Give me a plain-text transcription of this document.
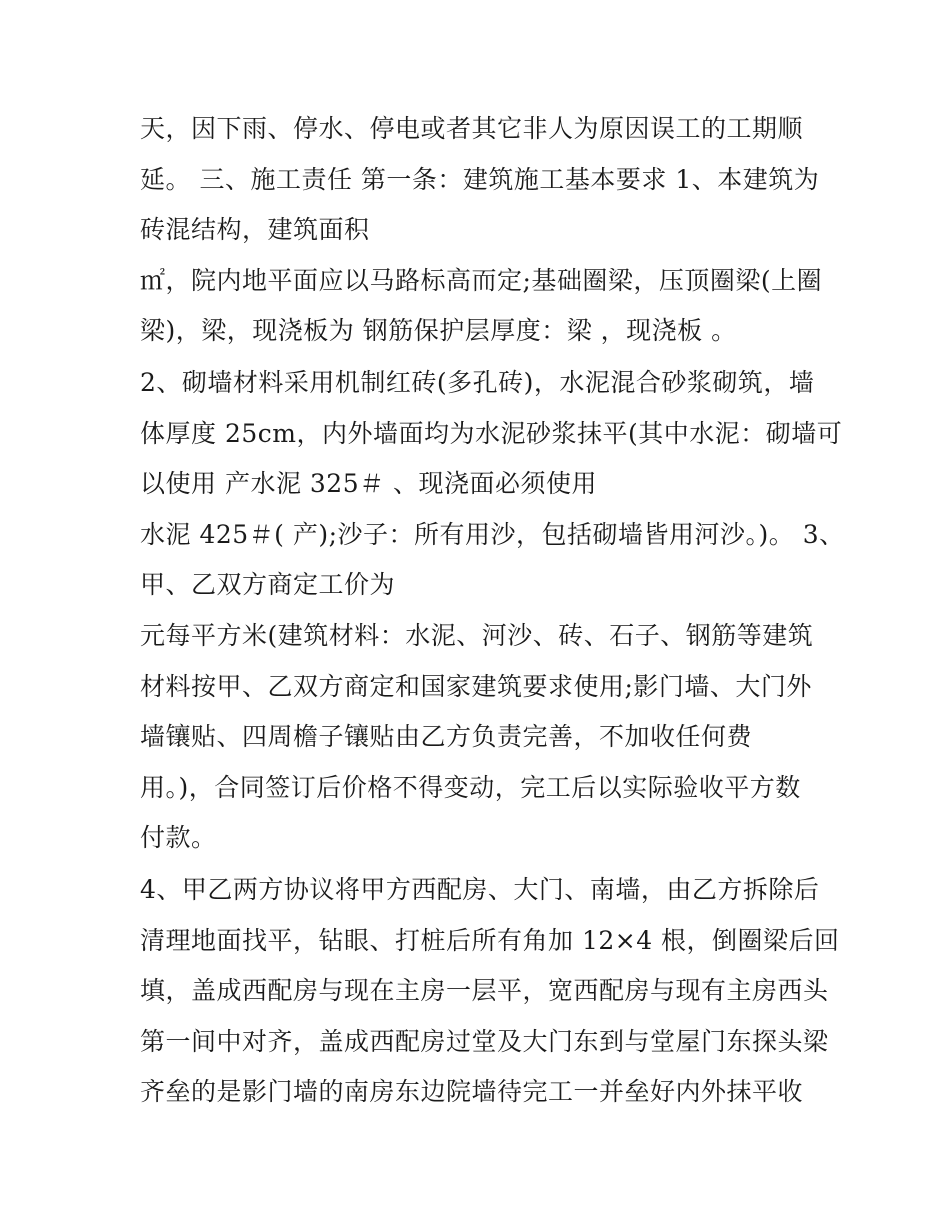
天，因下雨、停水、停电或者其它非人为原因误工的工期顺
延。 三、施工责任 第一条：建筑施工基本要求 1、本建筑为
砖混结构，建筑面积
㎡，院内地平面应以马路标高而定;基础圈梁，压顶圈梁(上圈
梁)，梁，现浇板为 钢筋保护层厚度：梁 ，现浇板 。
2、砌墙材料采用机制红砖(多孔砖)，水泥混合砂浆砌筑，墙
体厚度 25cm，内外墙面均为水泥砂浆抹平(其中水泥：砌墙可
以使用 产水泥 325＃ 、现浇面必须使用
水泥 425＃( 产);沙子：所有用沙，包括砌墙皆用河沙。)。 3、
甲、乙双方商定工价为
元每平方米(建筑材料：水泥、河沙、砖、石子、钢筋等建筑
材料按甲、乙双方商定和国家建筑要求使用;影门墙、大门外
墙镶贴、四周檐子镶贴由乙方负责完善，不加收任何费
用。)，合同签订后价格不得变动，完工后以实际验收平方数
付款。
4、甲乙两方协议将甲方西配房、大门、南墙，由乙方拆除后
清理地面找平，钻眼、打桩后所有角加 12×4 根，倒圈梁后回
填，盖成西配房与现在主房一层平，宽西配房与现有主房西头
第一间中对齐，盖成西配房过堂及大门东到与堂屋门东探头梁
齐垒的是影门墙的南房东边院墙待完工一并垒好内外抹平收
